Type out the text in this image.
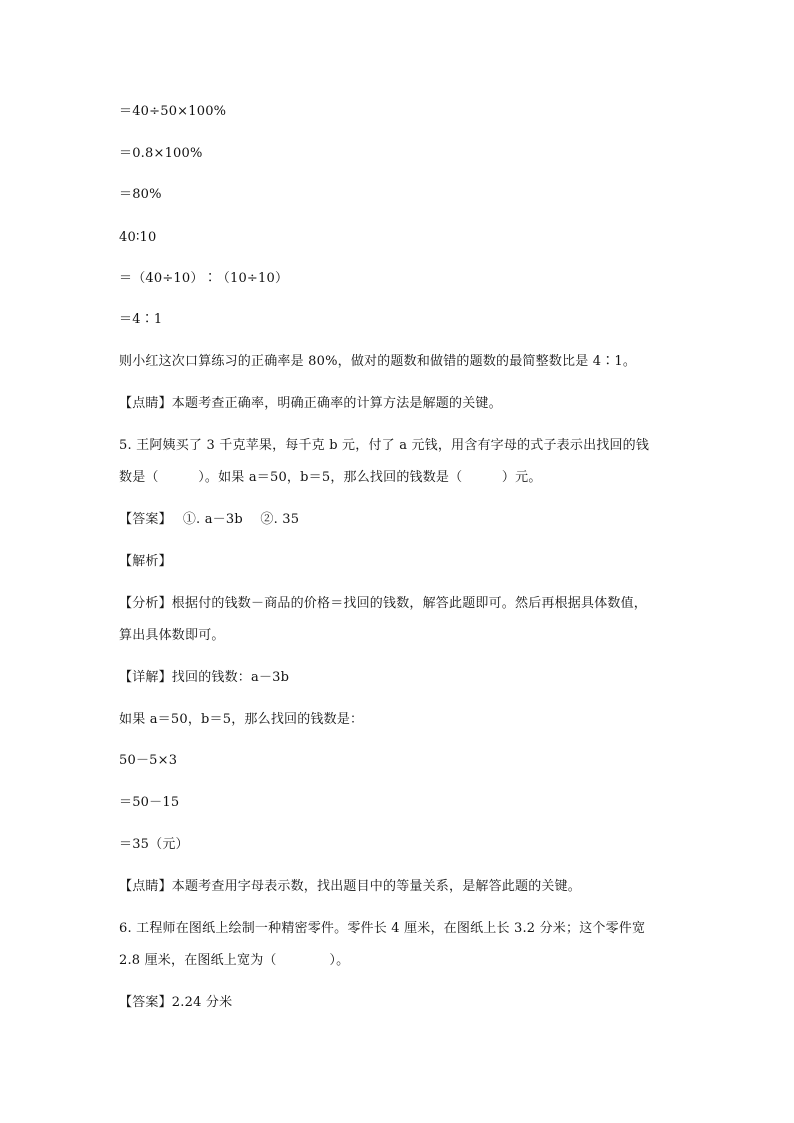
＝40÷50×100%
＝0.8×100%
＝80%
40∶10
＝（40÷10）∶（10÷10）
＝4∶1
则小红这次口算练习的正确率是 80%，做对的题数和做错的题数的最简整数比是 4∶1。
【点睛】本题考查正确率，明确正确率的计算方法是解题的关键。
5. 王阿姨买了 3 千克苹果，每千克 b 元，付了 a 元钱，用含有字母的式子表示出找回的钱
数是（　　　）。如果 a＝50，b＝5，那么找回的钱数是（　　　）元。
【答案】　 ①. a－3b　 ②. 35
【解析】
【分析】根据付的钱数－商品的价格＝找回的钱数，解答此题即可。然后再根据具体数值，
算出具体数即可。
【详解】找回的钱数：a－3b
如果 a＝50，b＝5，那么找回的钱数是：
50－5×3
＝50－15
＝35（元）
【点睛】本题考查用字母表示数，找出题目中的等量关系，是解答此题的关键。
6. 工程师在图纸上绘制一种精密零件。零件长 4 厘米，在图纸上长 3.2 分米；这个零件宽
2.8 厘米，在图纸上宽为（　　　　）。
【答案】2.24 分米
